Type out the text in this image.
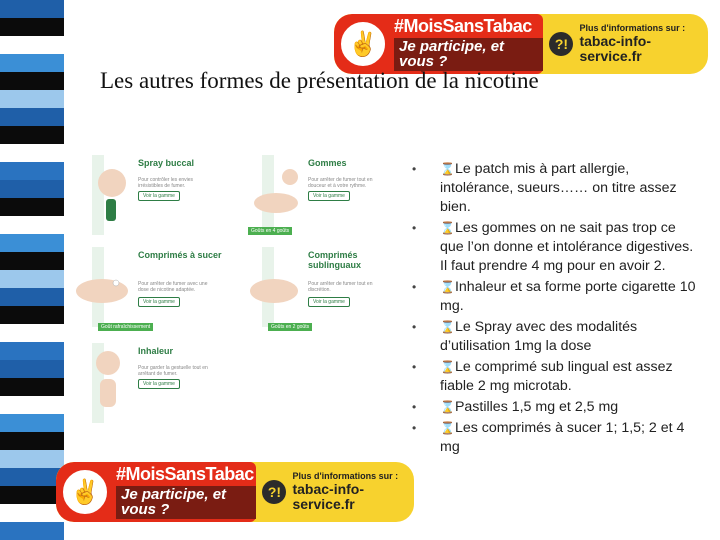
✌
#MoisSansTabac
Je participe, et vous ?
?!
Plus d'informations sur :
tabac-info-service.fr
Les autres formes de présentation de la nicotine
Spray buccal
Pour contrôler les envies irrésistibles de fumer.
Voir la gamme
Gommes
Pour arrêter de fumer tout en douceur et à votre rythme.
Voir la gamme
Goûts en 4 goûts
Comprimés à sucer
Pour arrêter de fumer avec une dose de nicotine adaptée.
Voir la gamme
Goût rafraîchissement
Comprimés sublinguaux
Pour arrêter de fumer tout en discrétion.
Voir la gamme
Goûts en 2 goûts
Inhaleur
Pour garder la gestuelle tout en arrêtant de fumer.
Voir la gamme
• ⌛Le patch mis à part allergie, intolérance, sueurs…… on titre assez bien.
• ⌛Les gommes on ne sait pas trop ce que l’on donne et intolérance digestives. Il faut prendre 4 mg pour en avoir 2.
• ⌛Inhaleur et sa forme porte cigarette 10 mg.
• ⌛Le Spray avec des modalités d’utilisation 1mg la dose
• ⌛Le comprimé sub lingual est assez fiable 2 mg microtab.
• ⌛Pastilles 1,5 mg et 2,5 mg
• ⌛Les comprimés à sucer 1; 1,5; 2 et 4 mg
✌
#MoisSansTabac
Je participe, et vous ?
?!
Plus d'informations sur :
tabac-info-service.fr
